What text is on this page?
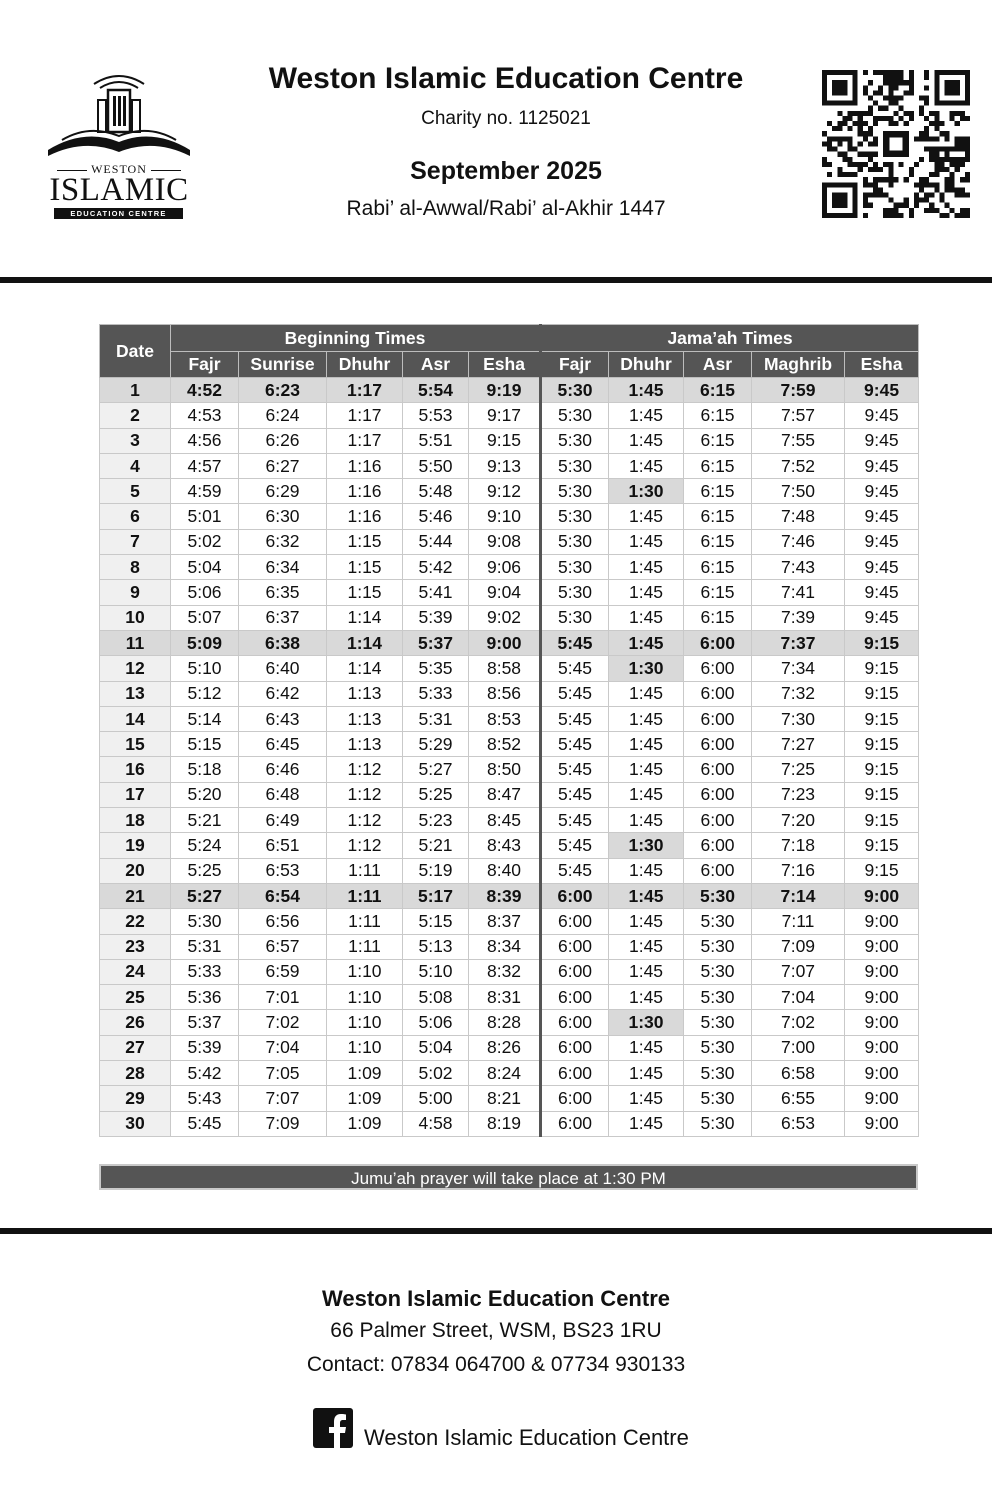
WESTON
ISLAMIC
EDUCATION CENTRE
Weston Islamic Education Centre
Charity no. 1125021
September 2025
Rabi’ al-Awwal/Rabi’ al-Akhir 1447
Date	Beginning Times					Jama’ah Times				
	Fajr	Sunrise	Dhuhr	Asr	Esha	Fajr	Dhuhr	Asr	Maghrib	Esha
1	4:52	6:23	1:17	5:54	9:19	5:30	1:45	6:15	7:59	9:45
2	4:53	6:24	1:17	5:53	9:17	5:30	1:45	6:15	7:57	9:45
3	4:56	6:26	1:17	5:51	9:15	5:30	1:45	6:15	7:55	9:45
4	4:57	6:27	1:16	5:50	9:13	5:30	1:45	6:15	7:52	9:45
5	4:59	6:29	1:16	5:48	9:12	5:30	1:30	6:15	7:50	9:45
6	5:01	6:30	1:16	5:46	9:10	5:30	1:45	6:15	7:48	9:45
7	5:02	6:32	1:15	5:44	9:08	5:30	1:45	6:15	7:46	9:45
8	5:04	6:34	1:15	5:42	9:06	5:30	1:45	6:15	7:43	9:45
9	5:06	6:35	1:15	5:41	9:04	5:30	1:45	6:15	7:41	9:45
10	5:07	6:37	1:14	5:39	9:02	5:30	1:45	6:15	7:39	9:45
11	5:09	6:38	1:14	5:37	9:00	5:45	1:45	6:00	7:37	9:15
12	5:10	6:40	1:14	5:35	8:58	5:45	1:30	6:00	7:34	9:15
13	5:12	6:42	1:13	5:33	8:56	5:45	1:45	6:00	7:32	9:15
14	5:14	6:43	1:13	5:31	8:53	5:45	1:45	6:00	7:30	9:15
15	5:15	6:45	1:13	5:29	8:52	5:45	1:45	6:00	7:27	9:15
16	5:18	6:46	1:12	5:27	8:50	5:45	1:45	6:00	7:25	9:15
17	5:20	6:48	1:12	5:25	8:47	5:45	1:45	6:00	7:23	9:15
18	5:21	6:49	1:12	5:23	8:45	5:45	1:45	6:00	7:20	9:15
19	5:24	6:51	1:12	5:21	8:43	5:45	1:30	6:00	7:18	9:15
20	5:25	6:53	1:11	5:19	8:40	5:45	1:45	6:00	7:16	9:15
21	5:27	6:54	1:11	5:17	8:39	6:00	1:45	5:30	7:14	9:00
22	5:30	6:56	1:11	5:15	8:37	6:00	1:45	5:30	7:11	9:00
23	5:31	6:57	1:11	5:13	8:34	6:00	1:45	5:30	7:09	9:00
24	5:33	6:59	1:10	5:10	8:32	6:00	1:45	5:30	7:07	9:00
25	5:36	7:01	1:10	5:08	8:31	6:00	1:45	5:30	7:04	9:00
26	5:37	7:02	1:10	5:06	8:28	6:00	1:30	5:30	7:02	9:00
27	5:39	7:04	1:10	5:04	8:26	6:00	1:45	5:30	7:00	9:00
28	5:42	7:05	1:09	5:02	8:24	6:00	1:45	5:30	6:58	9:00
29	5:43	7:07	1:09	5:00	8:21	6:00	1:45	5:30	6:55	9:00
30	5:45	7:09	1:09	4:58	8:19	6:00	1:45	5:30	6:53	9:00
Jumu’ah prayer will take place at 1:30 PM
Weston Islamic Education Centre
66 Palmer Street, WSM, BS23 1RU
Contact: 07834 064700 & 07734 930133
Weston Islamic Education Centre
